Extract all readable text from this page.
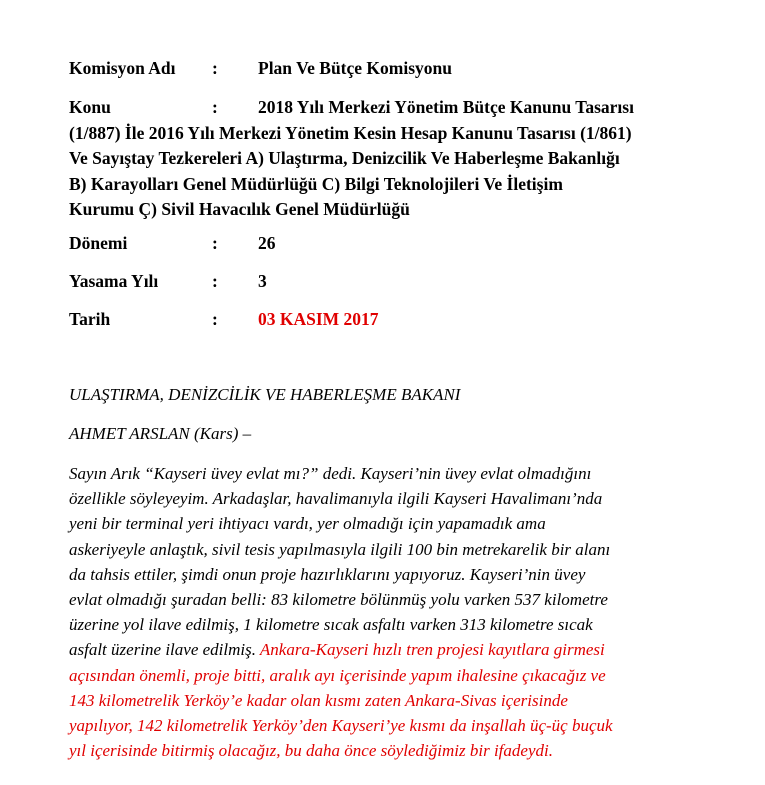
Komisyon Adı : Plan Ve Bütçe Komisyonu
Konu	: 2018 Yılı Merkezi Yönetim Bütçe Kanunu Tasarısı
(1/887) İle 2016 Yılı Merkezi Yönetim Kesin Hesap Kanunu Tasarısı (1/861)
Ve Sayıştay Tezkereleri A) Ulaştırma, Denizcilik Ve Haberleşme Bakanlığı
B) Karayolları Genel Müdürlüğü C) Bilgi Teknolojileri Ve İletişim
Kurumu Ç) Sivil Havacılık Genel Müdürlüğü
Dönemi	: 26
Yasama Yılı	: 3
Tarih	: 03 KASIM 2017
ULAŞTIRMA, DENİZCİLİK VE HABERLEŞME BAKANI
AHMET ARSLAN (Kars) –
Sayın Arık “Kayseri üvey evlat mı?” dedi. Kayseri’nin üvey evlat olmadığını
özellikle söyleyeyim. Arkadaşlar, havalimanıyla ilgili Kayseri Havalimanı’nda
yeni bir terminal yeri ihtiyacı vardı, yer olmadığı için yapamadık ama
askeriyeyle anlaştık, sivil tesis yapılmasıyla ilgili 100 bin metrekarelik bir alanı
da tahsis ettiler, şimdi onun proje hazırlıklarını yapıyoruz. Kayseri’nin üvey
evlat olmadığı şuradan belli: 83 kilometre bölünmüş yolu varken 537 kilometre
üzerine yol ilave edilmiş, 1 kilometre sıcak asfaltı varken 313 kilometre sıcak
asfalt üzerine ilave edilmiş. Ankara-Kayseri hızlı tren projesi kayıtlara girmesi
açısından önemli, proje bitti, aralık ayı içerisinde yapım ihalesine çıkacağız ve
143 kilometrelik Yerköy’e kadar olan kısmı zaten Ankara-Sivas içerisinde
yapılıyor, 142 kilometrelik Yerköy’den Kayseri’ye kısmı da inşallah üç-üç buçuk
yıl içerisinde bitirmiş olacağız, bu daha önce söylediğimiz bir ifadeydi.
